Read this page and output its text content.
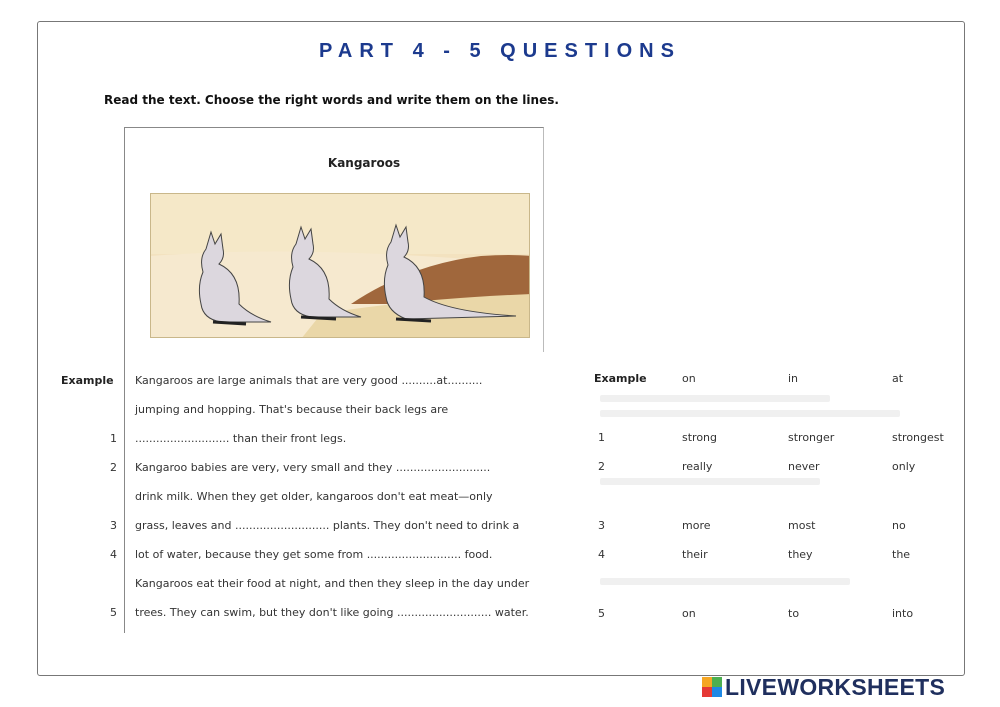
PART 4 - 5 QUESTIONS
Read the text. Choose the right words and write them on the lines.
Kangaroos
Example Kangaroos are large animals that are very good ..........at..........
jumping and hopping. That's because their back legs are
1 ........................... than their front legs.
2 Kangaroo babies are very, very small and they ...........................
drink milk. When they get older, kangaroos don't eat meat—only
3 grass, leaves and ........................... plants. They don't need to drink a
4 lot of water, because they get some from ........................... food.
Kangaroos eat their food at night, and then they sleep in the day under
5 trees. They can swim, but they don't like going ........................... water.
Example	on	in	at
1	strong	stronger	strongest
2	really	never	only
3	more	most	no
4	their	they	the
5	on	to	into
LIVEWORKSHEETS
